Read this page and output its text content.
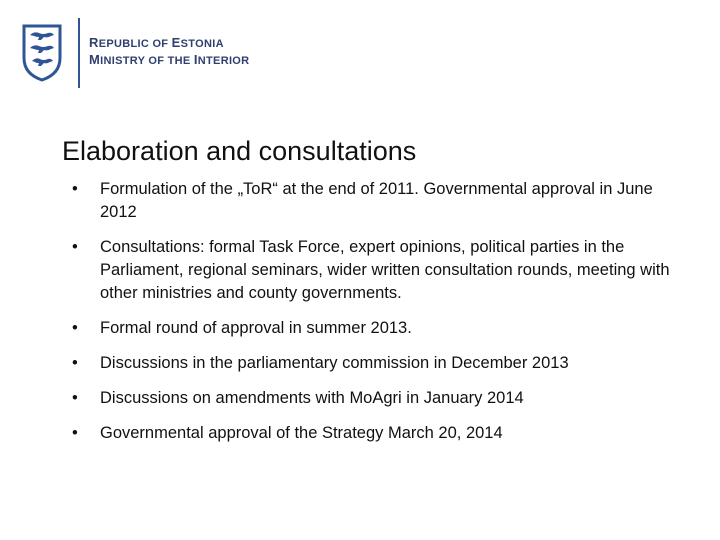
REPUBLIC OF ESTONIA
MINISTRY OF THE INTERIOR
Elaboration and consultations
• Formulation of the „ToR“ at the end of 2011. Governmental approval in June 2012
• Consultations: formal Task Force, expert opinions, political parties in the Parliament, regional seminars, wider written consultation rounds, meeting with other ministries and county governments.
• Formal round of approval in summer 2013.
• Discussions in the parliamentary commission in December 2013
• Discussions on amendments with MoAgri in January 2014
• Governmental approval of the Strategy March 20, 2014
